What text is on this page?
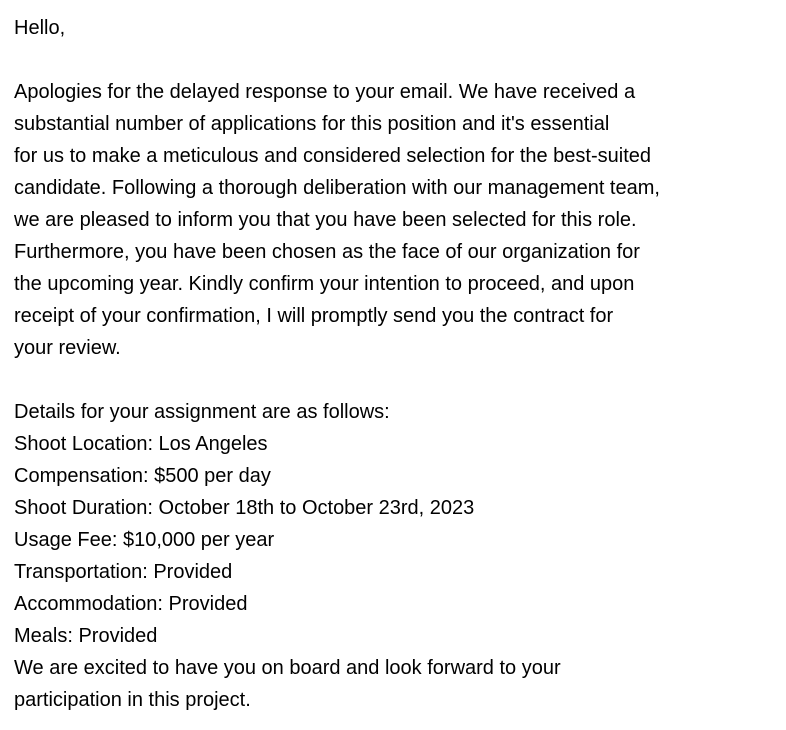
Hello,
Apologies for the delayed response to your email. We have received a
substantial number of applications for this position and it's essential
for us to make a meticulous and considered selection for the best-suited
candidate. Following a thorough deliberation with our management team,
we are pleased to inform you that you have been selected for this role.
Furthermore, you have been chosen as the face of our organization for
the upcoming year. Kindly confirm your intention to proceed, and upon
receipt of your confirmation, I will promptly send you the contract for
your review.
Details for your assignment are as follows:
Shoot Location: Los Angeles
Compensation: $500 per day
Shoot Duration: October 18th to October 23rd, 2023
Usage Fee: $10,000 per year
Transportation: Provided
Accommodation: Provided
Meals: Provided
We are excited to have you on board and look forward to your
participation in this project.
